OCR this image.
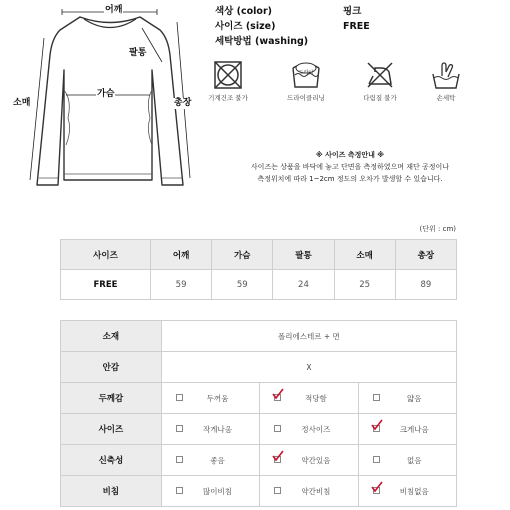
어깨
팔통
가슴
소매	총장
색상 (color)	핑크
사이즈 (size)	FREE
세탁방법 (washing)
기계건조 불가
드라이
드라이클리닝	다림질 불가	손세탁
※ 사이즈 측정안내 ※
사이즈는 상품을 바닥에 놓고 단면을 측정하였으며 재단 공정이나
측정위치에 따라 1~2cm 정도의 오차가 발생할 수 있습니다.
(단위 : cm)
사이즈	어깨	가슴	팔통	소매	총장
FREE	59	59	24	25	89
소재	폴리에스테르 + 면		
안감	X		
두께감	두꺼움	적당함	얇음
사이즈	작게나옴	정사이즈	크게나옴

신축성	좋음	약간있음	없음
비침	많이비침	약간비침	비침없음
